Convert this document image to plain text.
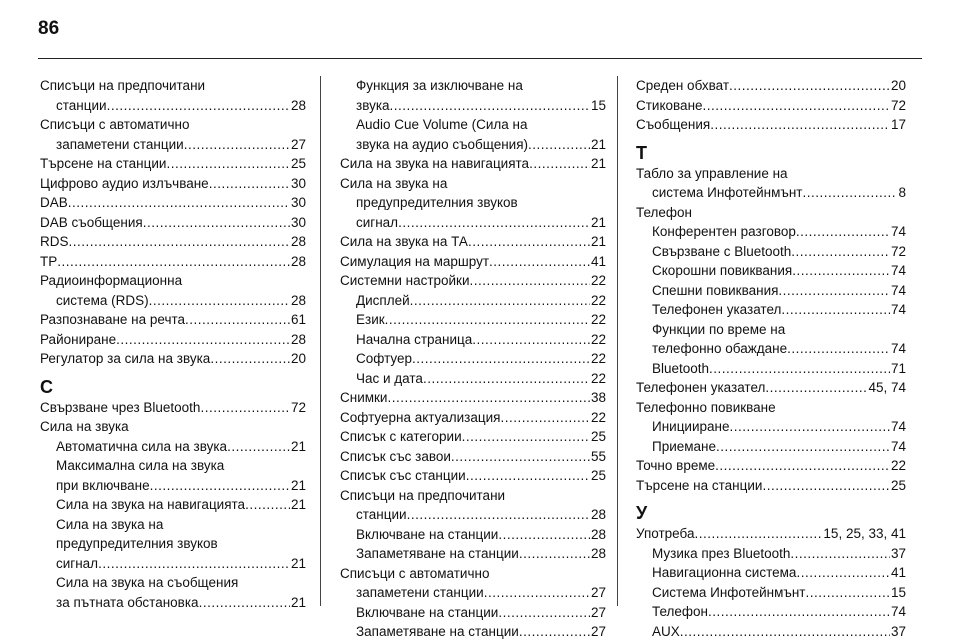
86
Списъци на предпочитани
станции .....	28
Списъци с автоматично
запаметени станции .....	27
Търсене на станции .....	25
Цифрово аудио излъчване .....	30
DAB .....	30
DAB съобщения .....	30
RDS .....	28
TP .....	28
Радиоинформационна
система (RDS) .....	28
Разпознаване на речта .....	61
Райониране .....	28
Регулатор за сила на звука .....	20
С
Свързване чрез Bluetooth .....	72
Сила на звука
Автоматична сила на звука .....	21
Максимална сила на звука
при включване .....	21
Сила на звука на навигацията .....	21
Сила на звука на
предупредителния звуков
сигнал .....	21
Сила на звука на съобщения
за пътната обстановка .....	21
Функция за изключване на
звука .....	15
Audio Cue Volume (Сила на
звука на аудио съобщения) .....	21
Сила на звука на навигацията .....	21
Сила на звука на
предупредителния звуков
сигнал .....	21
Сила на звука на ТА .....	21
Симулация на маршрут .....	41
Системни настройки .....	22
Дисплей .....	22
Език .....	22
Начална страница .....	22
Софтуер .....	22
Час и дата .....	22
Снимки .....	38
Софтуерна актуализация .....	22
Списък с категории .....	25
Списък със завои .....	55
Списък със станции .....	25
Списъци на предпочитани
станции .....	28
Включване на станции .....	28
Запаметяване на станции .....	28
Списъци с автоматично
запаметени станции .....	27
Включване на станции .....	27
Запаметяване на станции .....	27
Среден обхват .....	20
Стиковане .....	72
Съобщения .....	17
Т
Табло за управление на
система Инфотейнмънт .....	8
Телефон
Конферентен разговор .....	74
Свързване с Bluetooth .....	72
Скорошни повиквания .....	74
Спешни повиквания .....	74
Телефонен указател .....	74
Функции по време на
телефонно обаждане .....	74
Bluetooth .....	71
Телефонен указател .....	45, 74
Телефонно повикване
Иницииране .....	74
Приемане .....	74
Точно време .....	22
Търсене на станции .....	25
У
Употреба .....	15, 25, 33, 41
Музика през Bluetooth .....	37
Навигационна система .....	41
Система Инфотейнмънт .....	15
Телефон .....	74
AUX .....	37
